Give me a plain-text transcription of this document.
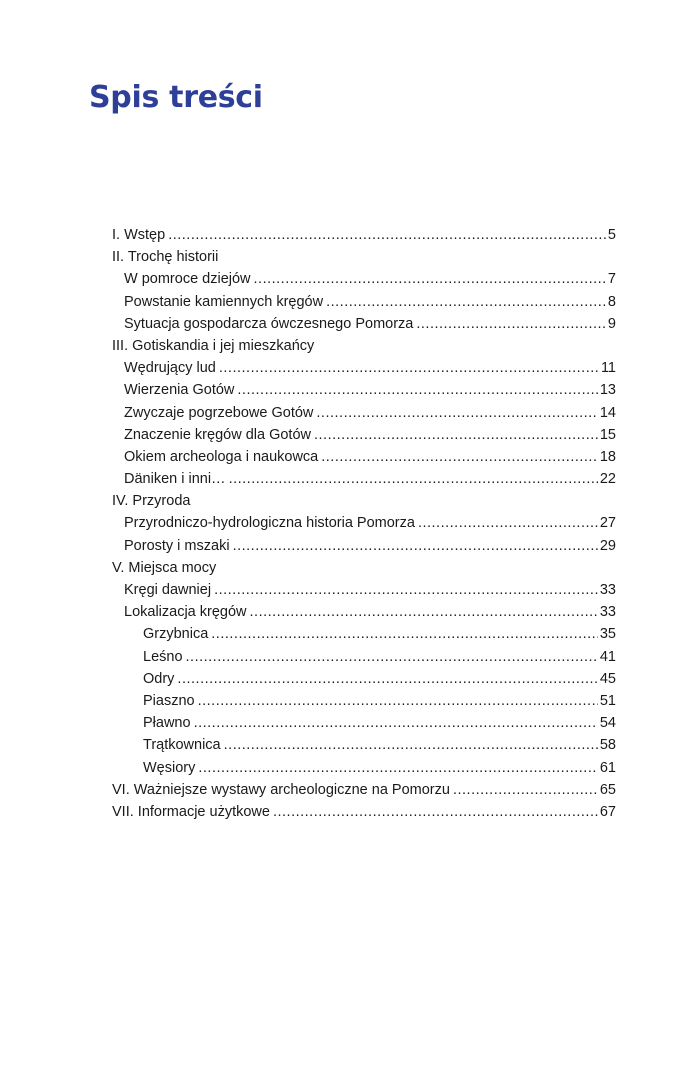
Spis treści
I. Wstęp .....	5
II. Trochę historii
W pomroce dziejów .....	7
Powstanie kamiennych kręgów .....	8
Sytuacja gospodarcza ówczesnego Pomorza .....	9
III. Gotiskandia i jej mieszkańcy
Wędrujący lud .....	11
Wierzenia Gotów .....	13
Zwyczaje pogrzebowe Gotów .....	14
Znaczenie kręgów dla Gotów .....	15
Okiem archeologa i naukowca .....	18
Däniken i inni… .....	22
IV. Przyroda
Przyrodniczo-hydrologiczna historia Pomorza .....	27
Porosty i mszaki .....	29
V. Miejsca mocy
Kręgi dawniej .....	33
Lokalizacja kręgów .....	33
Grzybnica .....	35
Leśno .....	41
Odry .....	45
Piaszno .....	51
Pławno .....	54
Trątkownica .....	58
Węsiory .....	61
VI. Ważniejsze wystawy archeologiczne na Pomorzu .....	65
VII. Informacje użytkowe .....	67
